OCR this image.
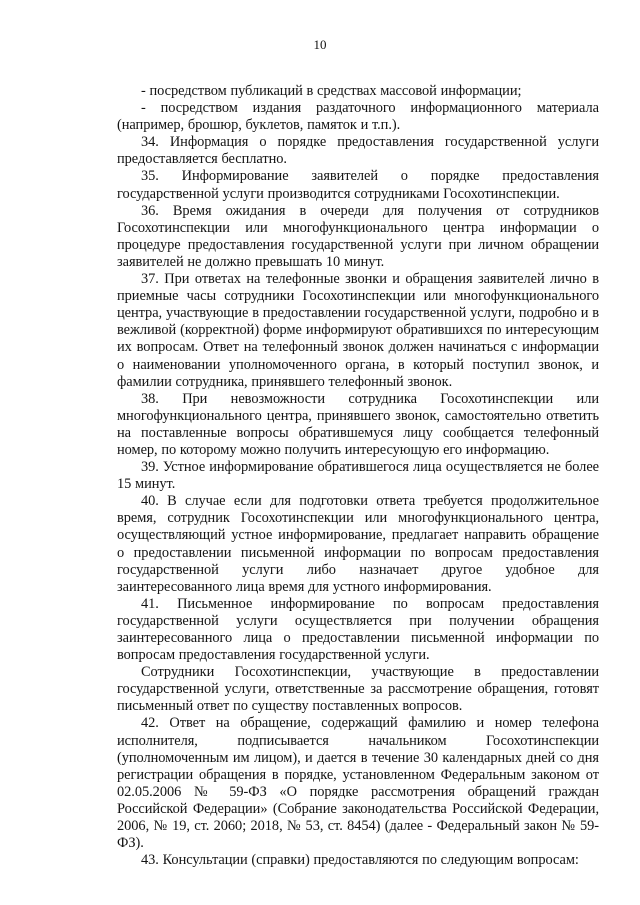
10

- посредством публикаций в средствах массовой информации;

- посредством издания раздаточного информационного материала (например, брошюр, буклетов, памяток и т.п.).

34. Информация о порядке предоставления государственной услуги предоставляется бесплатно.

35. Информирование заявителей о порядке предоставления государственной услуги производится сотрудниками Госохотинспекции.

36. Время ожидания в очереди для получения от сотрудников Госохотинспекции или многофункционального центра информации о процедуре предоставления государственной услуги при личном обращении заявителей не должно превышать 10 минут.

37. При ответах на телефонные звонки и обращения заявителей лично в приемные часы сотрудники Госохотинспекции или многофункционального центра, участвующие в предоставлении государственной услуги, подробно и в вежливой (корректной) форме информируют обратившихся по интересующим их вопросам. Ответ на телефонный звонок должен начинаться с информации о наименовании уполномоченного органа, в который поступил звонок, и фамилии сотрудника, принявшего телефонный звонок.

38. При невозможности сотрудника Госохотинспекции или многофункционального центра, принявшего звонок, самостоятельно ответить на поставленные вопросы обратившемуся лицу сообщается телефонный номер, по которому можно получить интересующую его информацию.

39. Устное информирование обратившегося лица осуществляется не более 15 минут.

40. В случае если для подготовки ответа требуется продолжительное время, сотрудник Госохотинспекции или многофункционального центра, осуществляющий устное информирование, предлагает направить обращение о предоставлении письменной информации по вопросам предоставления государственной услуги либо назначает другое удобное для заинтересованного лица время для устного информирования.

41. Письменное информирование по вопросам предоставления государственной услуги осуществляется при получении обращения заинтересованного лица о предоставлении письменной информации по вопросам предоставления государственной услуги.

Сотрудники Госохотинспекции, участвующие в предоставлении государственной услуги, ответственные за рассмотрение обращения, готовят письменный ответ по существу поставленных вопросов.

42. Ответ на обращение, содержащий фамилию и номер телефона исполнителя, подписывается начальником Госохотинспекции (уполномоченным им лицом), и дается в течение 30 календарных дней со дня регистрации обращения в порядке, установленном Федеральным законом от 02.05.2006 № 59-ФЗ «О порядке рассмотрения обращений граждан Российской Федерации» (Собрание законодательства Российской Федерации, 2006, № 19, ст. 2060; 2018, № 53, ст. 8454) (далее - Федеральный закон № 59-ФЗ).

43. Консультации (справки) предоставляются по следующим вопросам:
